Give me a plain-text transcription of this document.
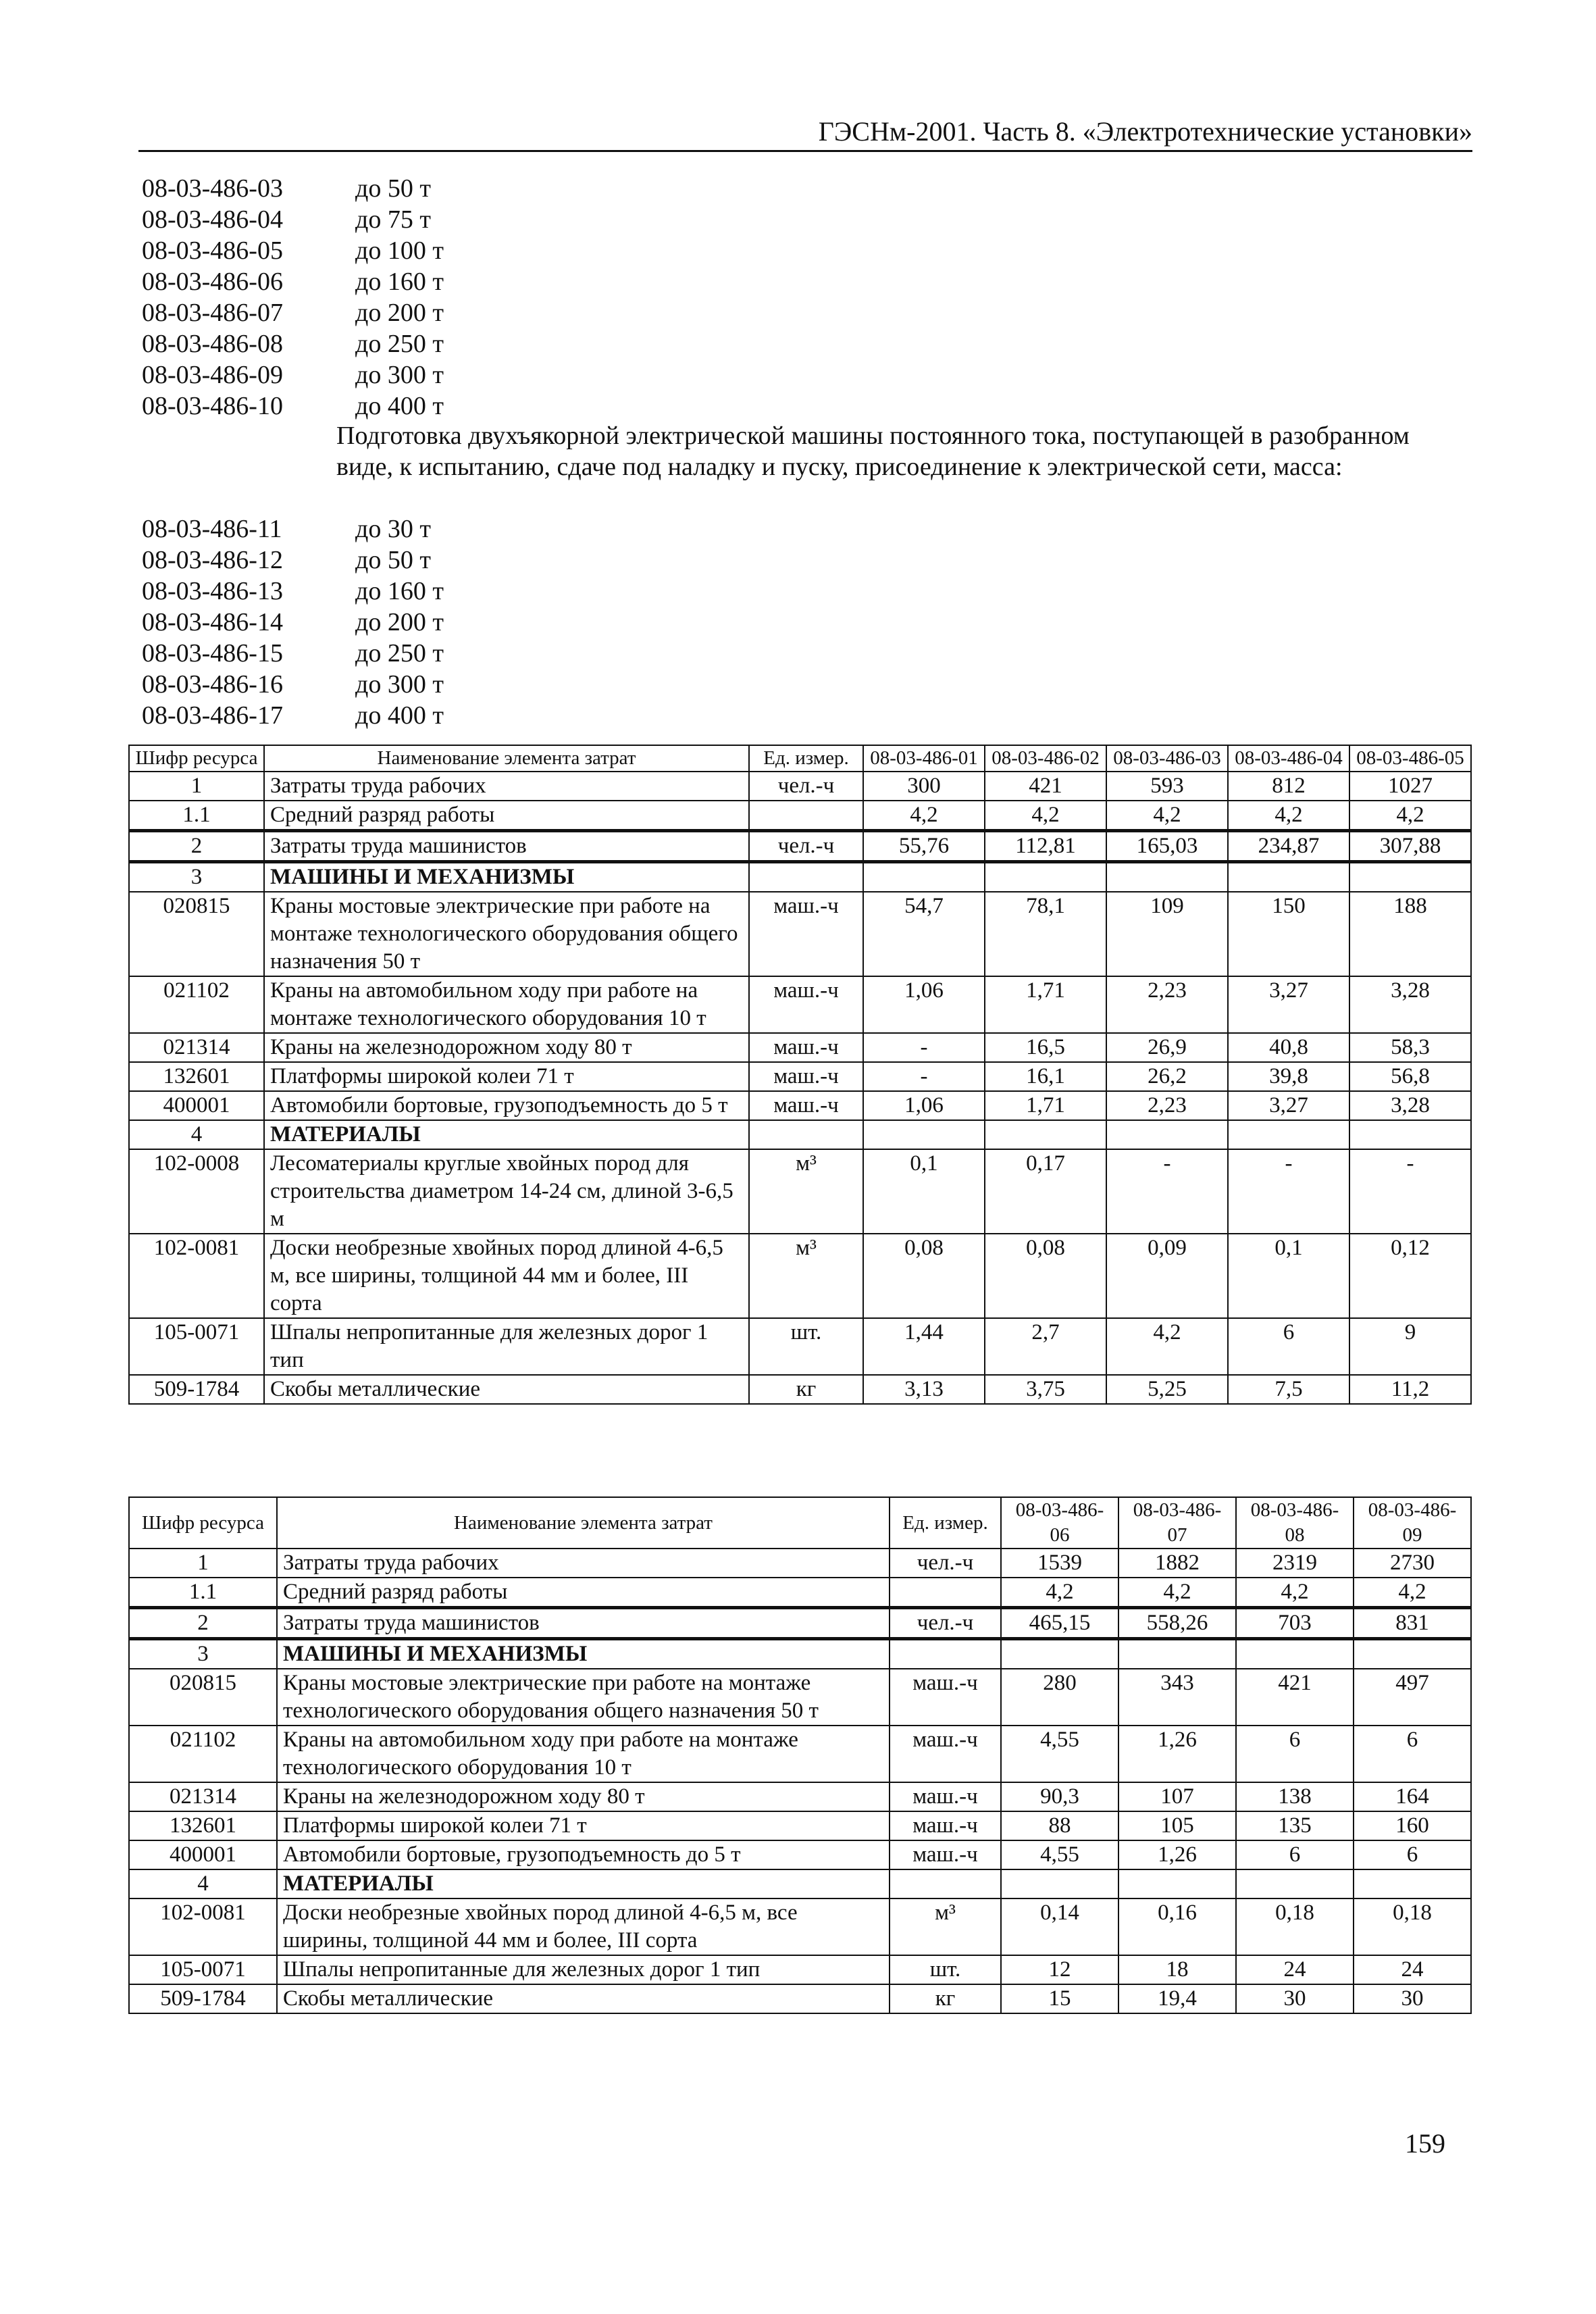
ГЭСНм-2001. Часть 8. «Электротехнические установки»
08-03-486-03	до 50 т
08-03-486-04	до 75 т
08-03-486-05	до 100 т
08-03-486-06	до 160 т
08-03-486-07	до 200 т
08-03-486-08	до 250 т
08-03-486-09	до 300 т
08-03-486-10	до 400 т
Подготовка двухъякорной электрической машины постоянного тока, поступающей в разобранном виде, к испытанию, сдаче под наладку и пуску, присоединение к электрической сети, масса:
08-03-486-11	до 30 т
08-03-486-12	до 50 т
08-03-486-13	до 160 т
08-03-486-14	до 200 т
08-03-486-15	до 250 т
08-03-486-16	до 300 т
08-03-486-17	до 400 т
Шифр ресурса	Наименование элемента затрат	Ед. измер.	08-03-486-01	08-03-486-02	08-03-486-03	08-03-486-04	08-03-486-05
1	Затраты труда рабочих	чел.-ч	300	421	593	812	1027
1.1	Средний разряд работы		4,2	4,2	4,2	4,2	4,2
2	Затраты труда машинистов	чел.-ч	55,76	112,81	165,03	234,87	307,88
3	МАШИНЫ И МЕХАНИЗМЫ						
020815	Краны мостовые электрические при работе на монтаже технологического оборудования общего назначения 50 т	маш.-ч	54,7	78,1	109	150	188
021102	Краны на автомобильном ходу при работе на монтаже технологического оборудования 10 т	маш.-ч	1,06	1,71	2,23	3,27	3,28
021314	Краны на железнодорожном ходу 80 т	маш.-ч	-	16,5	26,9	40,8	58,3
132601	Платформы широкой колеи 71 т	маш.-ч	-	16,1	26,2	39,8	56,8
400001	Автомобили бортовые, грузоподъемность до 5 т	маш.-ч	1,06	1,71	2,23	3,27	3,28
4	МАТЕРИАЛЫ						
102-0008	Лесоматериалы круглые хвойных пород для строительства диаметром 14-24 см, длиной 3-6,5 м	м³	0,1	0,17	-	-	-
102-0081	Доски необрезные хвойных пород длиной 4-6,5 м, все ширины, толщиной 44 мм и более, III сорта	м³	0,08	0,08	0,09	0,1	0,12
105-0071	Шпалы непропитанные для железных дорог 1 тип	шт.	1,44	2,7	4,2	6	9
509-1784	Скобы металлические	кг	3,13	3,75	5,25	7,5	11,2
Шифр ресурса	Наименование элемента затрат	Ед. измер.	08-03-486-06	08-03-486-07	08-03-486-08	08-03-486-09
1	Затраты труда рабочих	чел.-ч	1539	1882	2319	2730
1.1	Средний разряд работы		4,2	4,2	4,2	4,2
2	Затраты труда машинистов	чел.-ч	465,15	558,26	703	831
3	МАШИНЫ И МЕХАНИЗМЫ					
020815	Краны мостовые электрические при работе на монтаже технологического оборудования общего назначения 50 т	маш.-ч	280	343	421	497
021102	Краны на автомобильном ходу при работе на монтаже технологического оборудования 10 т	маш.-ч	4,55	1,26	6	6
021314	Краны на железнодорожном ходу 80 т	маш.-ч	90,3	107	138	164
132601	Платформы широкой колеи 71 т	маш.-ч	88	105	135	160
400001	Автомобили бортовые, грузоподъемность до 5 т	маш.-ч	4,55	1,26	6	6
4	МАТЕРИАЛЫ					
102-0081	Доски необрезные хвойных пород длиной 4-6,5 м, все ширины, толщиной 44 мм и более, III сорта	м³	0,14	0,16	0,18	0,18
105-0071	Шпалы непропитанные для железных дорог 1 тип	шт.	12	18	24	24
509-1784	Скобы металлические	кг	15	19,4	30	30
159
